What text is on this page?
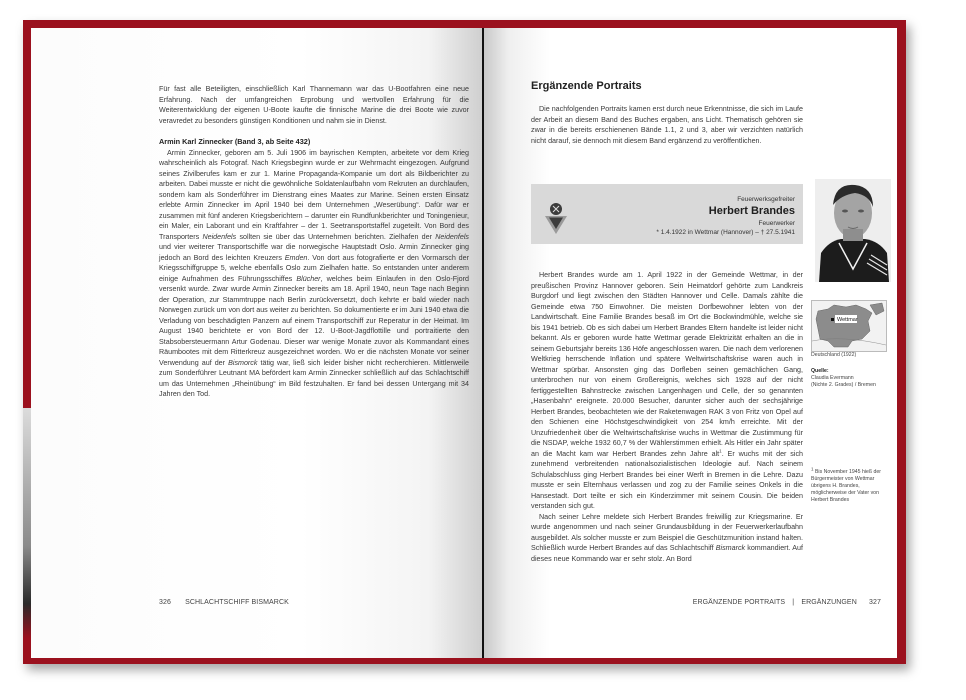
Für fast alle Beteiligten, einschließlich Karl Thannemann war das U-Bootfahren eine neue Erfahrung. Nach der umfangreichen Erprobung und wertvollen Erfahrung für die Weiterentwicklung der eigenen U-Boote kaufte die finnische Marine die drei Boote wie zuvor veravredet zu besonders günstigen Konditionen und nahm sie in Dienst.

Armin Karl Zinnecker (Band 3, ab Seite 432)

Armin Zinnecker, geboren am 5. Juli 1906 im bayrischen Kempten, arbeitete vor dem Krieg wahrscheinlich als Fotograf. Nach Kriegsbeginn wurde er zur Wehrmacht eingezogen. Aufgrund seines Zivilberufes kam er zur 1. Marine Propaganda-Kompanie um dort als Bildberichter zu arbeiten. Dabei musste er nicht die gewöhnliche Soldatenlaufbahn vom Rekruten an durchlaufen, sondern kam als Sonderführer im Dienstrang eines Maates zur Marine. Seinen ersten Einsatz erlebte Armin Zinnecker im April 1940 bei dem Unternehmen „Weserübung“. Dafür war er zusammen mit fünf anderen Kriegsberichtern – darunter ein Rundfunkberichter und Toningenieur, ein Maler, ein Laborant und ein Kraftfahrer – der 1. Seetransportstaffel zugeteilt. Von Bord des Transporters Neidenfels sollten sie über das Unternehmen berichten. Zielhafen der Neidenfels und vier weiterer Transportschiffe war die norwegische Hauptstadt Oslo. Armin Zinnecker ging jedoch an Bord des leichten Kreuzers Emden. Von dort aus fotografierte er den Vormarsch der Kriegsschiffgruppe 5, welche ebenfalls Oslo zum Zielhafen hatte. So entstanden unter anderem einige Aufnahmen des Führungsschiffes Blücher, welches beim Einlaufen in den Oslo-Fjord versenkt wurde. Zwar wurde Armin Zinnecker bereits am 18. April 1940, neun Tage nach Beginn der Operation, zur Stammtruppe nach Berlin zurückversetzt, doch kehrte er bald wieder nach Norwegen zurück um von dort aus weiter zu berichten. So dokumentierte er im Juni 1940 etwa die Verladung von beschädigten Panzern auf einem Transportschiff zur Reperatur in der Heimat. Im August 1940 berichtete er von Bord der 12. U-Boot-Jagdflottille und portraitierte den Stabsobersteuermann Artur Godenau. Dieser war wenige Monate zuvor als Kommandant eines Räumbootes mit dem Ritterkreuz ausgezeichnet worden. Wo er die nächsten Monate vor seiner Verwendung auf der Bismorck tätig war, ließ sich leider bisher nicht recherchieren. Mittlerweile zum Sonderführer Leutnant MA befördert kam Armin Zinnecker schließlich auf das Schlachtschiff um das Unternehmen „Rheinübung“ im Bild festzuhalten. Er fand bei dessen Untergang mit 34 Jahren den Tod.

326 SCHLACHTSCHIFF BISMARCK
Ergänzende Portraits

Die nachfolgenden Portraits kamen erst durch neue Erkenntnisse, die sich im Laufe der Arbeit an diesem Band des Buches ergaben, ans Licht. Thematisch gehören sie zwar in die bereits erschienenen Bände 1.1, 2 und 3, aber wir verzichten natürlich nicht darauf, sie dennoch mit diesem Band ergänzend zu veröffentlichen.

Feuerwerksgefreiter
Herbert Brandes
Feuerwerker
* 1.4.1922 in Wettmar (Hannover) – † 27.5.1941

Herbert Brandes wurde am 1. April 1922 in der Gemeinde Wettmar, in der preußischen Provinz Hannover geboren. Sein Heimatdorf gehörte zum Landkreis Burgdorf und liegt zwischen den Städten Hannover und Celle. Damals zählte die Gemeinde etwa 750 Einwohner. Die meisten Dorfbewohner lebten von der Landwirtschaft. Eine Familie Brandes besaß im Ort die Bockwindmühle, welche sie bis 1941 betrieb. Ob es sich dabei um Herbert Brandes Eltern handelte ist leider nicht bekannt. Als er geboren wurde hatte Wettmar gerade Elektrizität erhalten an die in seinem Geburtsjahr bereits 136 Höfe angeschlossen waren. Die nach dem verlorenen Weltkrieg herrschende Inflation und spätere Weltwirtschaftskrise waren auch in Wettmar spürbar. Ansonsten ging das Dorfleben seinen gemächlichen Gang, unterbrochen nur von einem Großereignis, welches sich 1928 auf der nicht fertiggestellten Bahnstrecke zwischen Langenhagen und Celle, der so genannten „Hasenbahn“ ereignete. 20.000 Besucher, darunter sicher auch der sechsjährige Herbert Brandes, beobachteten wie der Raketenwagen RAK 3 von Fritz von Opel auf den Schienen eine Höchstgeschwindigkeit von 254 km/h erreichte. Mit der Unzufriedenheit über die Weltwirtschaftskrise wuchs in Wettmar die Zustimmung für die NSDAP, welche 1932 60,7 % der Wählerstimmen erhielt. Als Hitler ein Jahr später an die Macht kam war Herbert Brandes zehn Jahre alt$^1$. Er wuchs mit der sich zunehmend verbreitenden nationalsozialistischen Ideologie auf. Nach seinem Schulabschluss ging Herbert Brandes bei einer Werft in Bremen in die Lehre. Dazu musste er sein Elternhaus verlassen und zog zu der Familie seines Onkels in die Hansestadt. Dort teilte er sich ein Kinderzimmer mit seinem Cousin. Die beiden verstanden sich gut.

Nach seiner Lehre meldete sich Herbert Brandes freiwillig zur Kriegsmarine. Er wurde angenommen und nach seiner Grundausbildung in der Feuerwerkerlaufbahn ausgebildet. Als solcher musste er zum Beispiel die Geschützmunition instand halten. Schließlich wurde Herbert Brandes auf das Schlachtschiff Bismarck kommandiert. Auf dieses neue Kommando war er sehr stolz. An Bord

Wettmar
Deutschland (1922)
Quelle:
Claudia Evermann
(Nichte 2. Grades) / Bremen
1 Bis November 1945 hieß der Bürgermeister von Wettmar übrigens H. Brandes, möglicherweise der Vater von Herbert Brandes
ERGÄNZENDE PORTRAITS | ERGÄNZUNGEN 327
